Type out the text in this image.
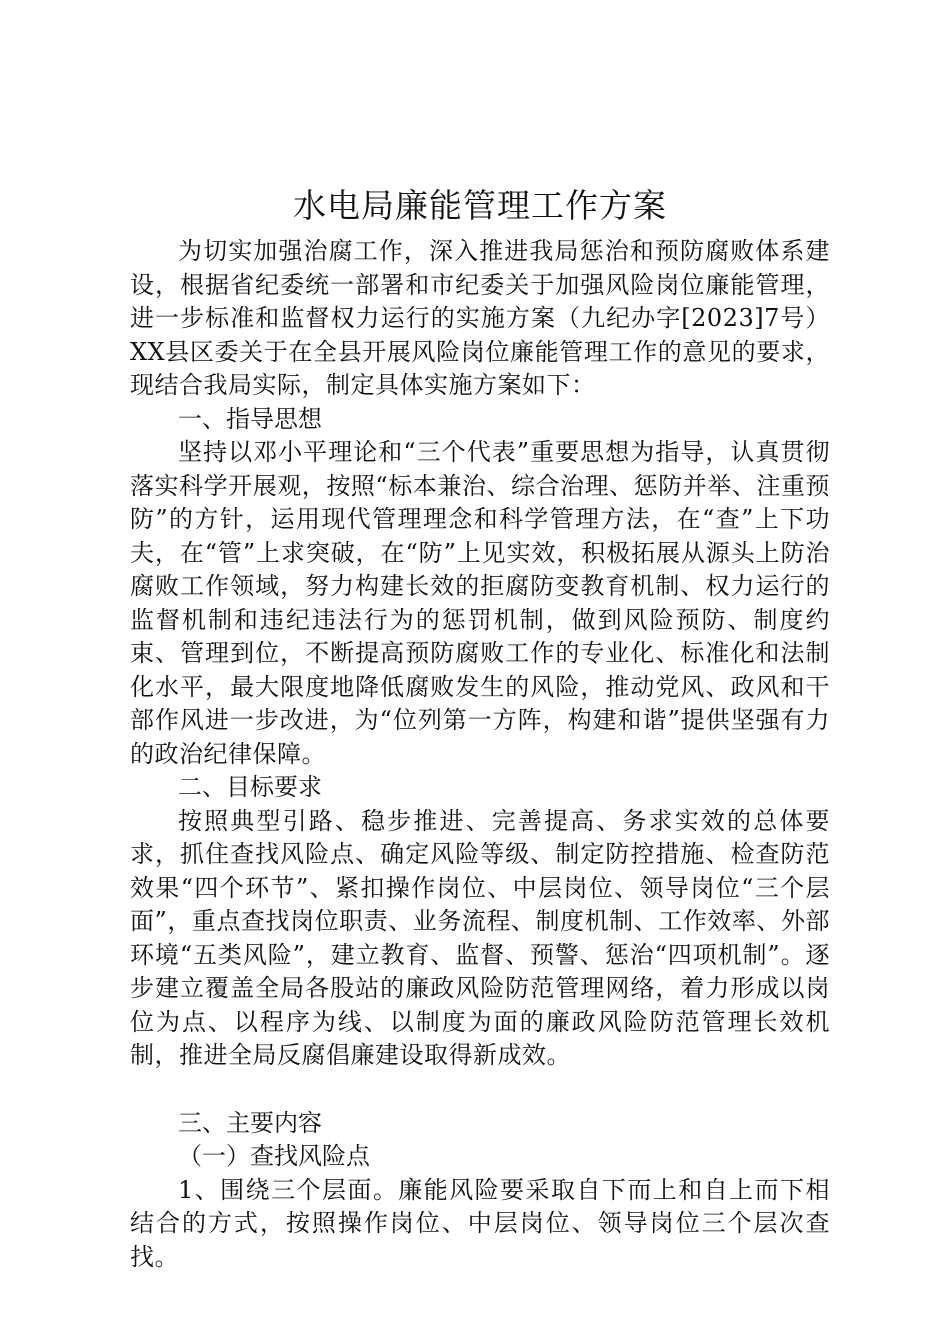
水电局廉能管理工作方案

为切实加强治腐工作，深入推进我局惩治和预防腐败体系建设，根据省纪委统一部署和市纪委关于加强风险岗位廉能管理，进一步标准和监督权力运行的实施方案（九纪办字[2023]7号）XX县区委关于在全县开展风险岗位廉能管理工作的意见的要求，现结合我局实际，制定具体实施方案如下：

一、指导思想

坚持以邓小平理论和“三个代表”重要思想为指导，认真贯彻落实科学开展观，按照“标本兼治、综合治理、惩防并举、注重预防”的方针，运用现代管理理念和科学管理方法，在“查”上下功夫，在“管”上求突破，在“防”上见实效，积极拓展从源头上防治腐败工作领域，努力构建长效的拒腐防变教育机制、权力运行的监督机制和违纪违法行为的惩罚机制，做到风险预防、制度约束、管理到位，不断提高预防腐败工作的专业化、标准化和法制化水平，最大限度地降低腐败发生的风险，推动党风、政风和干部作风进一步改进，为“位列第一方阵，构建和谐”提供坚强有力的政治纪律保障。

二、目标要求

按照典型引路、稳步推进、完善提高、务求实效的总体要求，抓住查找风险点、确定风险等级、制定防控措施、检查防范效果“四个环节”、紧扣操作岗位、中层岗位、领导岗位“三个层面”，重点查找岗位职责、业务流程、制度机制、工作效率、外部环境“五类风险”，建立教育、监督、预警、惩治“四项机制”。逐步建立覆盖全局各股站的廉政风险防范管理网络，着力形成以岗位为点、以程序为线、以制度为面的廉政风险防范管理长效机制，推进全局反腐倡廉建设取得新成效。

三、主要内容

（一）查找风险点

1、围绕三个层面。廉能风险要采取自下而上和自上而下相结合的方式，按照操作岗位、中层岗位、领导岗位三个层次查找。
